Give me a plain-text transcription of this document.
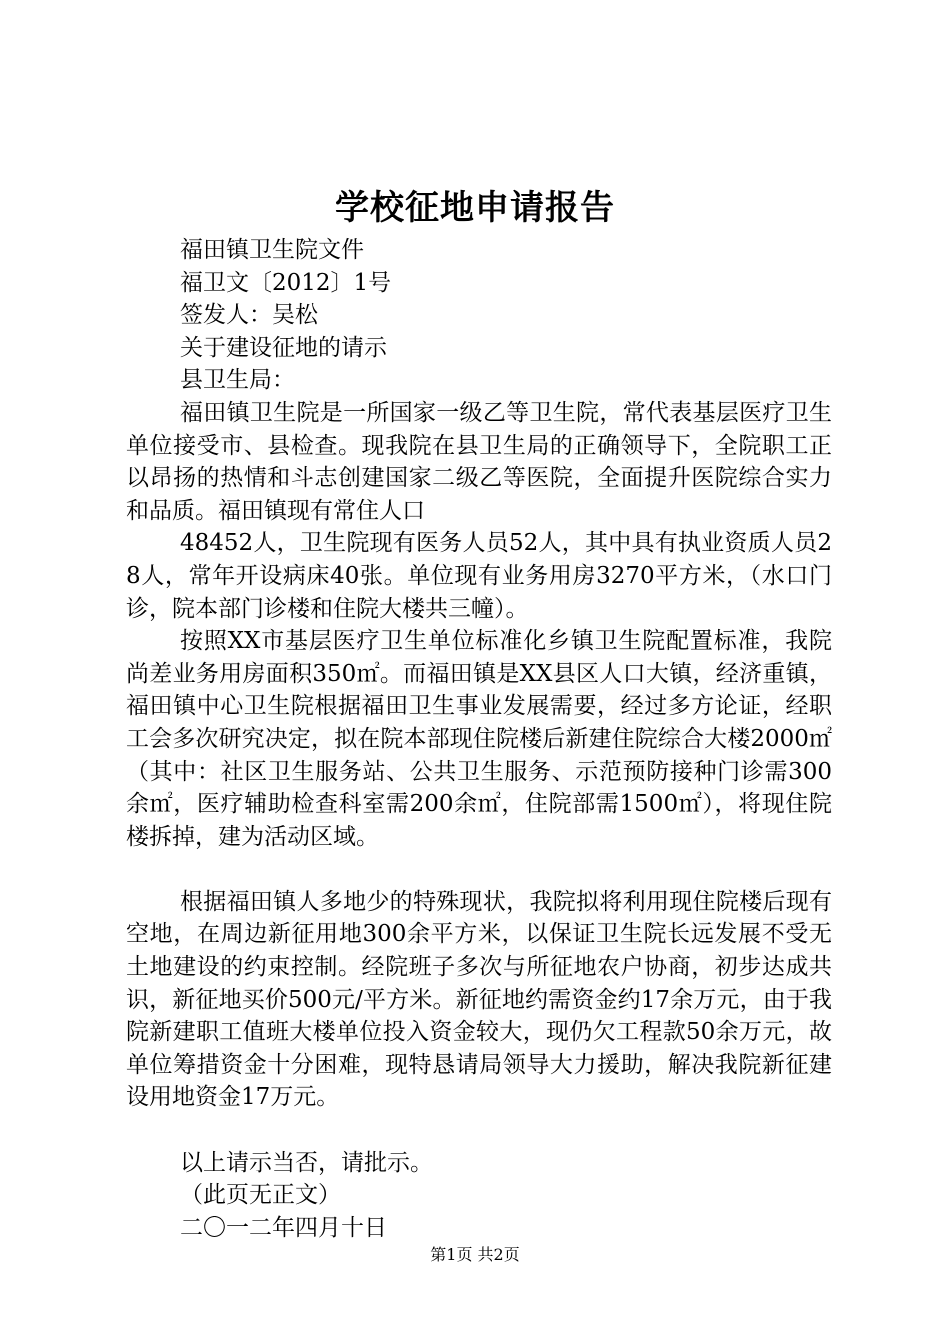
学校征地申请报告
福田镇卫生院文件
福卫文〔2012〕1号
签发人：吴松
关于建设征地的请示
县卫生局：

福田镇卫生院是一所国家一级乙等卫生院，常代表基层医疗卫生单位接受市、县检查。现我院在县卫生局的正确领导下，全院职工正以昂扬的热情和斗志创建国家二级乙等医院，全面提升医院综合实力和品质。福田镇现有常住人口

48452人，卫生院现有医务人员52人，其中具有执业资质人员28人，常年开设病床40张。单位现有业务用房3270平方米，（水口门诊，院本部门诊楼和住院大楼共三幢）。

按照XX市基层医疗卫生单位标准化乡镇卫生院配置标准，我院尚差业务用房面积350㎡。而福田镇是XX县区人口大镇，经济重镇，福田镇中心卫生院根据福田卫生事业发展需要，经过多方论证，经职工会多次研究决定，拟在院本部现住院楼后新建住院综合大楼2000㎡（其中：社区卫生服务站、公共卫生服务、示范预防接种门诊需300余㎡，医疗辅助检查科室需200余㎡，住院部需1500㎡），将现住院楼拆掉，建为活动区域。

根据福田镇人多地少的特殊现状，我院拟将利用现住院楼后现有空地，在周边新征用地300余平方米，以保证卫生院长远发展不受无土地建设的约束控制。经院班子多次与所征地农户协商，初步达成共识，新征地买价500元/平方米。新征地约需资金约17余万元，由于我院新建职工值班大楼单位投入资金较大，现仍欠工程款50余万元，故单位筹措资金十分困难，现特恳请局领导大力援助，解决我院新征建设用地资金17万元。

以上请示当否，请批示。
（此页无正文）
二〇一二年四月十日
第1页 共2页
